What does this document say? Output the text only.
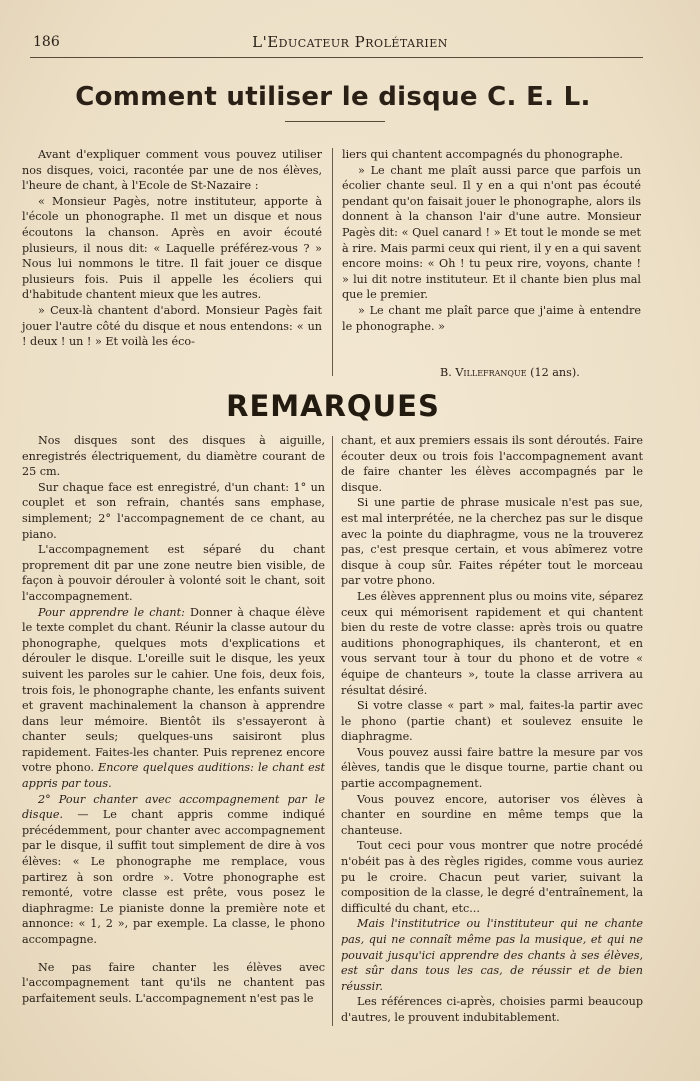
186	L'Educateur Prolétarien
Comment utiliser le disque C. E. L.

Avant d'expliquer comment vous pouvez utiliser nos disques, voici, racontée par une de nos élèves, l'heure de chant, à l'Ecole de St-Nazaire :

« Monsieur Pagès, notre instituteur, apporte à l'école un phonographe. Il met un disque et nous écoutons la chanson. Après en avoir écouté plusieurs, il nous dit: « Laquelle préférez-vous ? » Nous lui nommons le titre. Il fait jouer ce disque plusieurs fois. Puis il appelle les écoliers qui d'habitude chantent mieux que les autres.

» Ceux-là chantent d'abord. Monsieur Pagès fait jouer l'autre côté du disque et nous entendons: « un ! deux ! un ! » Et voilà les éco-

liers qui chantent accompagnés du phonographe.

» Le chant me plaît aussi parce que parfois un écolier chante seul. Il y en a qui n'ont pas écouté pendant qu'on faisait jouer le phonographe, alors ils donnent à la chanson l'air d'une autre. Monsieur Pagès dit: « Quel canard ! » Et tout le monde se met à rire. Mais parmi ceux qui rient, il y en a qui savent encore moins: « Oh ! tu peux rire, voyons, chante ! » lui dit notre instituteur. Et il chante bien plus mal que le premier.

» Le chant me plaît parce que j'aime à entendre le phonographe. »

B. Villefranque (12 ans).
REMARQUES

Nos disques sont des disques à aiguille, enregistrés électriquement, du diamètre courant de 25 cm.

Sur chaque face est enregistré, d'un chant: 1° un couplet et son refrain, chantés sans emphase, simplement; 2° l'accompagnement de ce chant, au piano.

L'accompagnement est séparé du chant proprement dit par une zone neutre bien visible, de façon à pouvoir dérouler à volonté soit le chant, soit l'accompagnement.

Pour apprendre le chant: Donner à chaque élève le texte complet du chant. Réunir la classe autour du phonographe, quelques mots d'explications et dérouler le disque. L'oreille suit le disque, les yeux suivent les paroles sur le cahier. Une fois, deux fois, trois fois, le phonographe chante, les enfants suivent et gravent machinalement la chanson à apprendre dans leur mémoire. Bientôt ils s'essayeront à chanter seuls; quelques-uns saisiront plus rapidement. Faites-les chanter. Puis reprenez encore votre phono. Encore quelques auditions: le chant est appris par tous.

2° Pour chanter avec accompagnement par le disque. — Le chant appris comme indiqué précédemment, pour chanter avec accompagnement par le disque, il suffit tout simplement de dire à vos élèves: « Le phonographe me remplace, vous partirez à son ordre ». Votre phonographe est remonté, votre classe est prête, vous posez le diaphragme: Le pianiste donne la première note et annonce: « 1, 2 », par exemple. La classe, le phono accompagne.

Ne pas faire chanter les élèves avec l'accompagnement tant qu'ils ne chantent pas parfaitement seuls. L'accompagnement n'est pas le

chant, et aux premiers essais ils sont déroutés. Faire écouter deux ou trois fois l'accompagnement avant de faire chanter les élèves accompagnés par le disque.

Si une partie de phrase musicale n'est pas sue, est mal interprétée, ne la cherchez pas sur le disque avec la pointe du diaphragme, vous ne la trouverez pas, c'est presque certain, et vous abîmerez votre disque à coup sûr. Faites répéter tout le morceau par votre phono.

Les élèves apprennent plus ou moins vite, séparez ceux qui mémorisent rapidement et qui chantent bien du reste de votre classe: après trois ou quatre auditions phonographiques, ils chanteront, et en vous servant tour à tour du phono et de votre « équipe de chanteurs », toute la classe arrivera au résultat désiré.

Si votre classe « part » mal, faites-la partir avec le phono (partie chant) et soulevez ensuite le diaphragme.

Vous pouvez aussi faire battre la mesure par vos élèves, tandis que le disque tourne, partie chant ou partie accompagnement.

Vous pouvez encore, autoriser vos élèves à chanter en sourdine en même temps que la chanteuse.

Tout ceci pour vous montrer que notre procédé n'obéit pas à des règles rigides, comme vous auriez pu le croire. Chacun peut varier, suivant la composition de la classe, le degré d'entraînement, la difficulté du chant, etc...

Mais l'institutrice ou l'instituteur qui ne chante pas, qui ne connaît même pas la musique, et qui ne pouvait jusqu'ici apprendre des chants à ses élèves, est sûr dans tous les cas, de réussir et de bien réussir.

Les références ci-après, choisies parmi beaucoup d'autres, le prouvent indubitablement.
